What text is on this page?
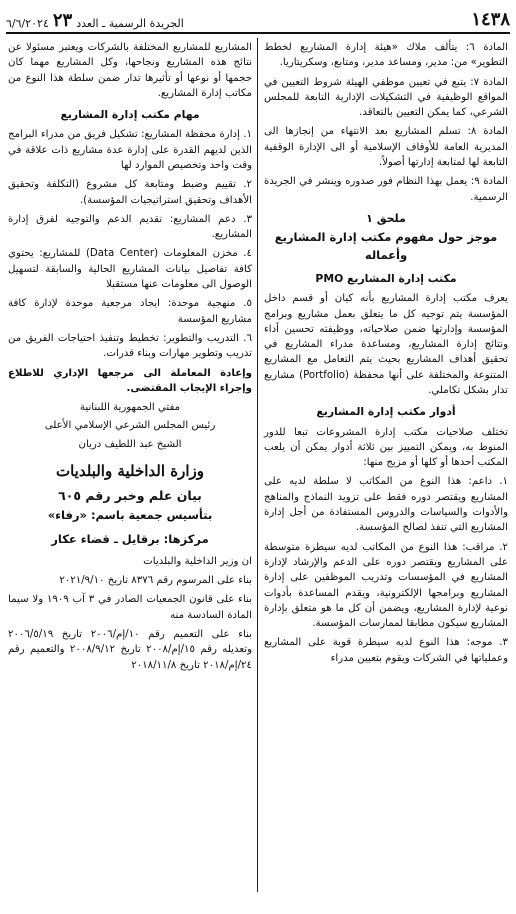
١٤٣٨
الجريدة الرسمية ـ العدد
٢٣
٦/٦/٢٠٢٤

المادة ٦: يتألف ملاك «هيئة إدارة المشاريع لخطط التطوير» من: مدير، ومساعد مدير، ومتابع، وسكريتاريا.

المادة ٧: يتبع في تعيين موظفي الهيئة شروط التعيين في المواقع الوظيفية في التشكيلات الإدارية التابعة للمجلس الشرعي، كما يمكن التعيين بالتعاقد.

المادة ٨: تسلم المشاريع بعد الانتهاء من إنجازها الى المديرية العامة للأوقاف الإسلامية أو الى الإدارة الوقفية التابعة لها لمتابعة إدارتها أصولاً.

المادة ٩: يعمل بهذا النظام فور صدوره وينشر في الجريدة الرسمية.

ملحق ١
موجز حول مفهوم مكتب إدارة المشاريع وأعماله
مكتب إدارة المشاريع PMO

يعرف مكتب إدارة المشاريع بأنه كيان أو قسم داخل المؤسسة يتم توجيه كل ما يتعلق بعمل مشاريع وبرامج المؤسسة وإدارتها ضمن صلاحياته، ووظيفته تحسين أداء ونتائج إدارة المشاريع، ومساعدة مدراء المشاريع في تحقيق أهداف المشاريع بحيث يتم التعامل مع المشاريع المتنوعة والمختلفة على أنها محفظة (Portfolio) مشاريع تدار بشكل تكاملي.

أدوار مكتب إدارة المشاريع

تختلف صلاحيات مكتب إدارة المشروعات تبعا للدور المنوط به، ويمكن التمييز بين ثلاثة أدوار يمكن أن يلعب المكتب أحدها أو كلها أو مزيج منها:

١. داعم: هذا النوع من المكاتب لا سلطة لديه على المشاريع ويقتصر دوره فقط على تزويد النماذج والمناهج والأدوات والسياسات والدروس المستفادة من أجل إدارة المشاريع التي تنفذ لصالح المؤسسة.

٢. مراقب: هذا النوع من المكاتب لديه سيطرة متوسطة على المشاريع ويقتصر دوره على الدعم والإرشاد لإدارة المشاريع في المؤسسات وتدريب الموظفين على إدارة المشاريع وبرامجها الإلكترونية، ويقدم المساعدة بأدوات نوعية لإدارة المشاريع، ويضمن أن كل ما هو متعلق بإدارة المشاريع سيكون مطابقا لممارسات المؤسسة.

٣. موجه: هذا النوع لديه سيطرة قوية على المشاريع وعملياتها في الشركات ويقوم بتعيين مدراء

المشاريع للمشاريع المختلفة بالشركات ويعتبر مسئولا عن نتائج هذه المشاريع ونجاحها، وكل المشاريع مهما كان حجمها أو نوعها أو تأثيرها تدار ضمن سلطة هذا النوع من مكاتب إدارة المشاريع.

مهام مكتب إدارة المشاريع

١. إدارة محفظة المشاريع: تشكيل فريق من مدراء البرامج الذين لديهم القدرة على إدارة عدة مشاريع ذات علاقة في وقت واحد وتخصيص الموارد لها

٢. تقييم وضبط ومتابعة كل مشروع (التكلفة وتحقيق الأهداف وتحقيق استراتيجيات المؤسسة).

٣. دعم المشاريع: تقديم الدعم والتوجيه لفرق إدارة المشاريع.

٤. مخزن المعلومات (Data Center) للمشاريع: يحتوي كافة تفاصيل بيانات المشاريع الحالية والسابقة لتسهيل الوصول الى معلومات عنها مستقبلا

٥. منهجية موحدة: ايجاد مرجعية موحدة لإدارة كافة مشاريع المؤسسة

٦. التدريب والتطوير: تخطيط وتنفيذ احتياجات الفريق من تدريب وتطوير مهارات وبناء قدرات.

وإعادة المعاملة الى مرجعها الإداري للاطلاع وإجراء الإيجاب المقتضى.

مفتي الجمهورية اللبنانية
رئيس المجلس الشرعي الإسلامي الأعلى
الشيخ عبد اللطيف دريان
وزارة الداخلية والبلديات
بيان علم وخبر رقم ٦٠٥
بتأسيس جمعية باسم: «رفاء»
مركزها: برقايل ـ قضاء عكار

ان وزير الداخلية والبلديات

بناء على المرسوم رقم ٨٣٧٦ تاريخ ٢٠٢١/٩/١٠

بناء على قانون الجمعيات الصادر في ٣ آب ١٩٠٩ ولا سيما المادة السادسة منه

بناء على التعميم رقم ١٠/إم/٢٠٠٦ تاريخ ٢٠٠٦/٥/١٩ وتعديله رقم ١٥/إم/٢٠٠٨ تاريخ ٢٠٠٨/٩/١٢ والتعميم رقم ٢٤/إم/٢٠١٨ تاريخ ٢٠١٨/١١/٨
